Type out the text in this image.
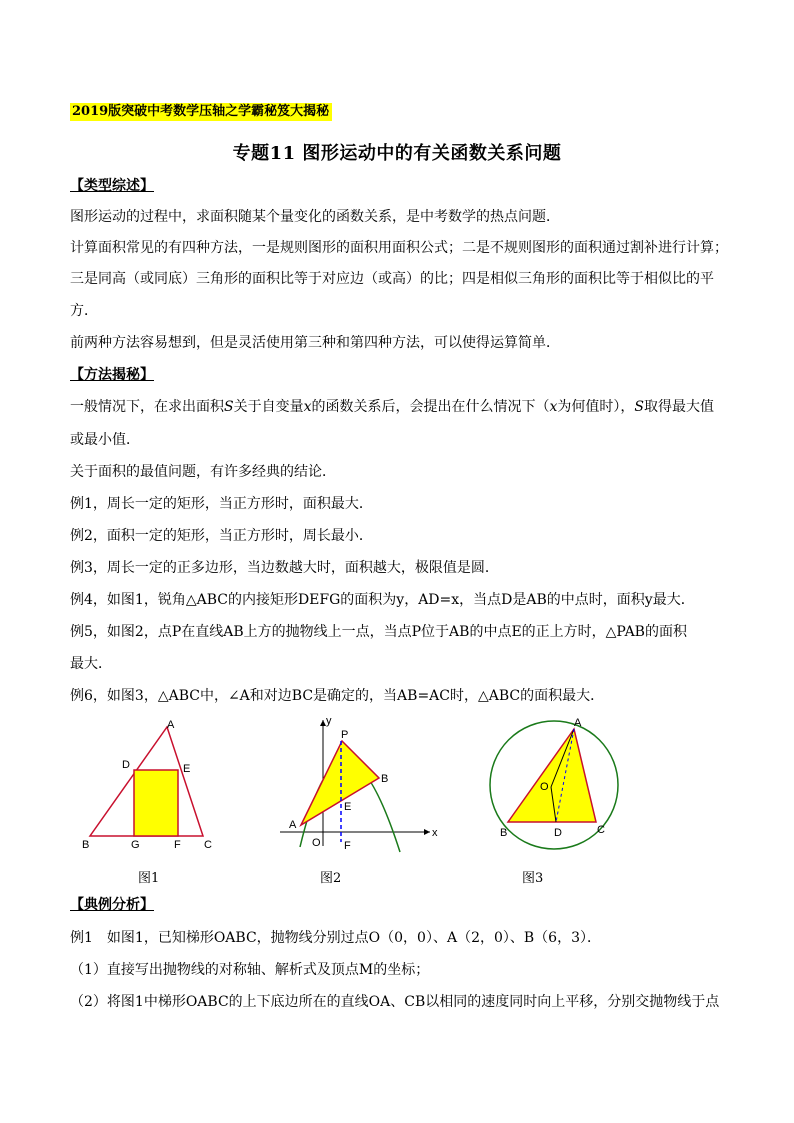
2019版突破中考数学压轴之学霸秘笈大揭秘
专题11 图形运动中的有关函数关系问题
【类型综述】
图形运动的过程中，求面积随某个量变化的函数关系，是中考数学的热点问题．
计算面积常见的有四种方法，一是规则图形的面积用面积公式；二是不规则图形的面积通过割补进行计算；
三是同高（或同底）三角形的面积比等于对应边（或高）的比；四是相似三角形的面积比等于相似比的平
方．
前两种方法容易想到，但是灵活使用第三种和第四种方法，可以使得运算简单．
【方法揭秘】
一般情况下，在求出面积S关于自变量x的函数关系后，会提出在什么情况下（x为何值时），S取得最大值
或最小值．
关于面积的最值问题，有许多经典的结论．
例1，周长一定的矩形，当正方形时，面积最大．
例2，面积一定的矩形，当正方形时，周长最小．
例3，周长一定的正多边形，当边数越大时，面积越大，极限值是圆．
例4，如图1，锐角△ABC的内接矩形DEFG的面积为y，AD=x，当点D是AB的中点时，面积y最大．
例5，如图2，点P在直线AB上方的抛物线上一点，当点P位于AB的中点E的正上方时，△PAB的面积
最大．
例6，如图3，△ABC中，∠A和对边BC是确定的，当AB=AC时，△ABC的面积最大．
A
D	E
B	G	F C
y
x
P
A
B
E
O F
A
O
B	D	C
图1	图2	图3
【典例分析】
例1　如图1，已知梯形OABC，抛物线分别过点O（0，0）、A（2，0）、B（6，3）．
（1）直接写出抛物线的对称轴、解析式及顶点M的坐标；
（2）将图1中梯形OABC的上下底边所在的直线OA、CB以相同的速度同时向上平移，分别交抛物线于点
